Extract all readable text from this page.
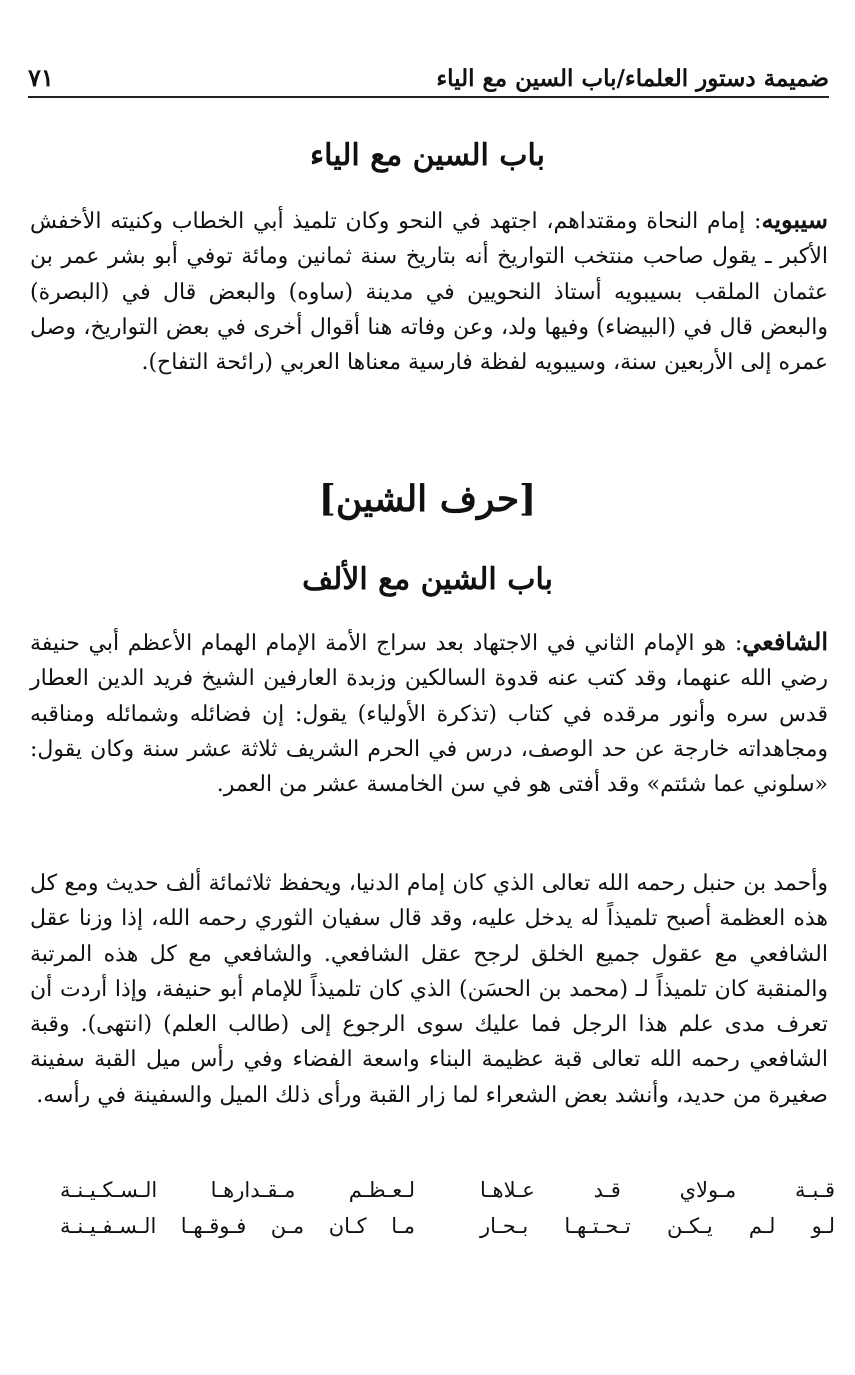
ضميمة دستور العلماء/باب السين مع الياء
٧١
باب السين مع الياء

سيبويه: إمام النحاة ومقتداهم، اجتهد في النحو وكان تلميذ أبي الخطاب وكنيته الأخفش الأكبر ـ يقول صاحب منتخب التواريخ أنه بتاريخ سنة ثمانين ومائة توفي أبو بشر عمر بن عثمان الملقب بسيبويه أستاذ النحويين في مدينة (ساوه) والبعض قال في (البصرة) والبعض قال في (البيضاء) وفيها ولد، وعن وفاته هنا أقوال أخرى في بعض التواريخ، وصل عمره إلى الأربعين سنة، وسيبويه لفظة فارسية معناها العربي (رائحة التفاح).

[حرف الشين]
باب الشين مع الألف

الشافعي: هو الإمام الثاني في الاجتهاد بعد سراج الأمة الإمام الهمام الأعظم أبي حنيفة رضي الله عنهما، وقد كتب عنه قدوة السالكين وزبدة العارفين الشيخ فريد الدين العطار قدس سره وأنور مرقده في كتاب (تذكرة الأولياء) يقول: إن فضائله وشمائله ومناقبه ومجاهداته خارجة عن حد الوصف، درس في الحرم الشريف ثلاثة عشر سنة وكان يقول: «سلوني عما شئتم» وقد أفتى هو في سن الخامسة عشر من العمر.

وأحمد بن حنبل رحمه الله تعالى الذي كان إمام الدنيا، ويحفظ ثلاثمائة ألف حديث ومع كل هذه العظمة أصبح تلميذاً له يدخل عليه، وقد قال سفيان الثوري رحمه الله، إذا وزنا عقل الشافعي مع عقول جميع الخلق لرجح عقل الشافعي. والشافعي مع كل هذه المرتبة والمنقبة كان تلميذاً لـ (محمد بن الحسَن) الذي كان تلميذاً للإمام أبو حنيفة، وإذا أردت أن تعرف مدى علم هذا الرجل فما عليك سوى الرجوع إلى (طالب العلم) (انتهى). وقبة الشافعي رحمه الله تعالى قبة عظيمة البناء واسعة الفضاء وفي رأس ميل القبة سفينة صغيرة من حديد، وأنشد بعض الشعراء لما زار القبة ورأى ذلك الميل والسفينة في رأسه.

قـبـة مـولاي قـد عـلاهـا
لـعـظـم مـقـدارهـا الـسـكـيـنـة
لـو لـم يـكـن تـحـتـهـا بـحـار
مـا كـان مـن فـوقـهـا الـسـفـيـنـة
